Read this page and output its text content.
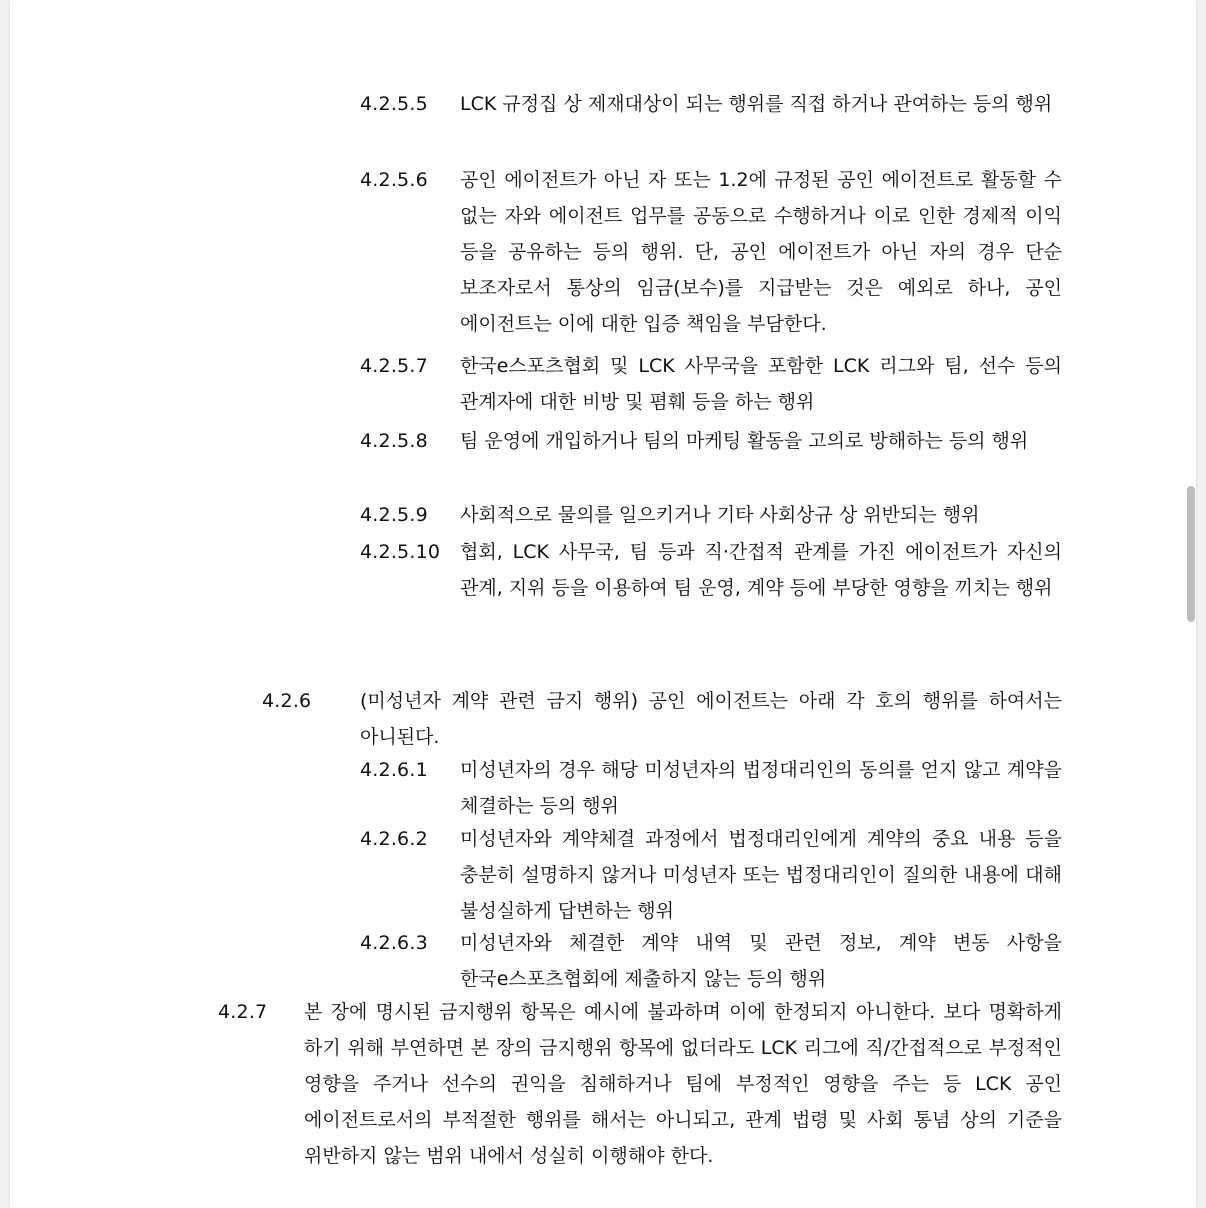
4.2.5.5 LCK 규정집 상 제재대상이 되는 행위를 직접 하거나 관여하는 등의 행위
4.2.5.6 공인 에이전트가 아닌 자 또는 1.2에 규정된 공인 에이전트로 활동할 수 없는 자와 에이전트 업무를 공동으로 수행하거나 이로 인한 경제적 이익 등을 공유하는 등의 행위. 단, 공인 에이전트가 아닌 자의 경우 단순 보조자로서 통상의 임금(보수)를 지급받는 것은 예외로 하나, 공인 에이전트는 이에 대한 입증 책임을 부담한다.
4.2.5.7 한국e스포츠협회 및 LCK 사무국을 포함한 LCK 리그와 팀, 선수 등의 관계자에 대한 비방 및 폄훼 등을 하는 행위
4.2.5.8 팀 운영에 개입하거나 팀의 마케팅 활동을 고의로 방해하는 등의 행위
4.2.5.9 사회적으로 물의를 일으키거나 기타 사회상규 상 위반되는 행위
4.2.5.10 협회, LCK 사무국, 팀 등과 직·간접적 관계를 가진 에이전트가 자신의 관계, 지위 등을 이용하여 팀 운영, 계약 등에 부당한 영향을 끼치는 행위
4.2.6	(미성년자 계약 관련 금지 행위) 공인 에이전트는 아래 각 호의 행위를 하여서는 아니된다.
4.2.6.1 미성년자의 경우 해당 미성년자의 법정대리인의 동의를 얻지 않고 계약을 체결하는 등의 행위
4.2.6.2 미성년자와 계약체결 과정에서 법정대리인에게 계약의 중요 내용 등을 충분히 설명하지 않거나 미성년자 또는 법정대리인이 질의한 내용에 대해 불성실하게 답변하는 행위
4.2.6.3 미성년자와 체결한 계약 내역 및 관련 정보, 계약 변동 사항을 한국e스포츠협회에 제출하지 않는 등의 행위
4.2.7 본 장에 명시된 금지행위 항목은 예시에 불과하며 이에 한정되지 아니한다. 보다 명확하게 하기 위해 부연하면 본 장의 금지행위 항목에 없더라도 LCK 리그에 직/간접적으로 부정적인 영향을 주거나 선수의 권익을 침해하거나 팀에 부정적인 영향을 주는 등 LCK 공인 에이전트로서의 부적절한 행위를 해서는 아니되고, 관계 법령 및 사회 통념 상의 기준을 위반하지 않는 범위 내에서 성실히 이행해야 한다.
